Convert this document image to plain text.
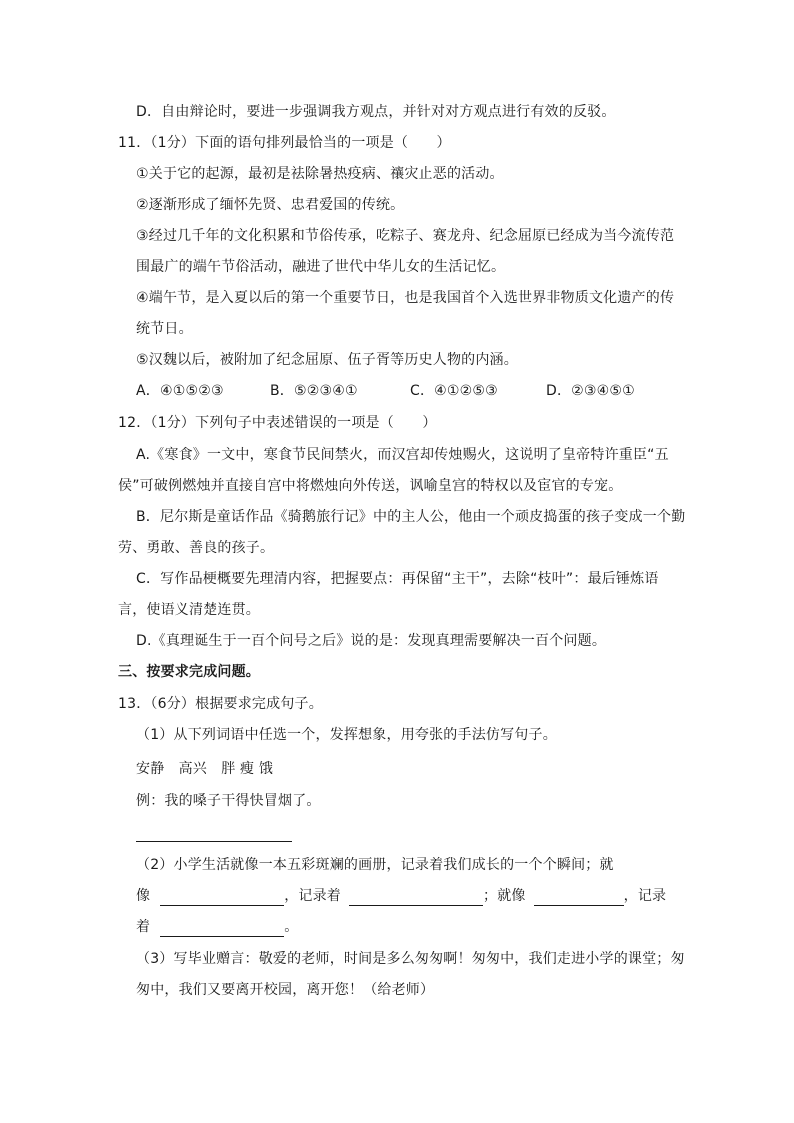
D．自由辩论时，要进一步强调我方观点，并针对对方观点进行有效的反驳。
11．（1分）下面的语句排列最恰当的一项是（　　）
①关于它的起源，最初是祛除暑热疫病、禳灾止恶的活动。
②逐渐形成了缅怀先贤、忠君爱国的传统。
③经过几千年的文化积累和节俗传承，吃粽子、赛龙舟、纪念屈原已经成为当今流传范
围最广的端午节俗活动，融进了世代中华儿女的生活记忆。
④端午节，是入夏以后的第一个重要节日，也是我国首个入选世界非物质文化遗产的传
统节日。
⑤汉魏以后，被附加了纪念屈原、伍子胥等历史人物的内涵。
A．④①⑤②③	B．⑤②③④①	C．④①②⑤③	D．②③④⑤①
12．（1分）下列句子中表述错误的一项是（　　）
A.《寒食》一文中，寒食节民间禁火，而汉宫却传烛赐火，这说明了皇帝特许重臣“五
侯”可破例燃烛并直接自宫中将燃烛向外传送，讽喻皇宫的特权以及宦官的专宠。
B．尼尔斯是童话作品《骑鹅旅行记》中的主人公，他由一个顽皮捣蛋的孩子变成一个勤
劳、勇敢、善良的孩子。
C．写作品梗概要先理清内容，把握要点：再保留“主干”，去除“枝叶”：最后锤炼语
言，使语义清楚连贯。
D.《真理诞生于一百个问号之后》说的是：发现真理需要解决一百个问题。
三、按要求完成问题。
13．（6分）根据要求完成句子。
（1）从下列词语中任选一个，发挥想象，用夸张的手法仿写句子。
安静　高兴　胖 瘦 饿
例：我的嗓子干得快冒烟了。
（2）小学生活就像一本五彩斑斓的画册，记录着我们成长的一个个瞬间；就
像	，记录着	；就像	，记录
着	。
（3）写毕业赠言：敬爱的老师，时间是多么匆匆啊！匆匆中，我们走进小学的课堂；匆
匆中，我们又要离开校园，离开您！（给老师）
